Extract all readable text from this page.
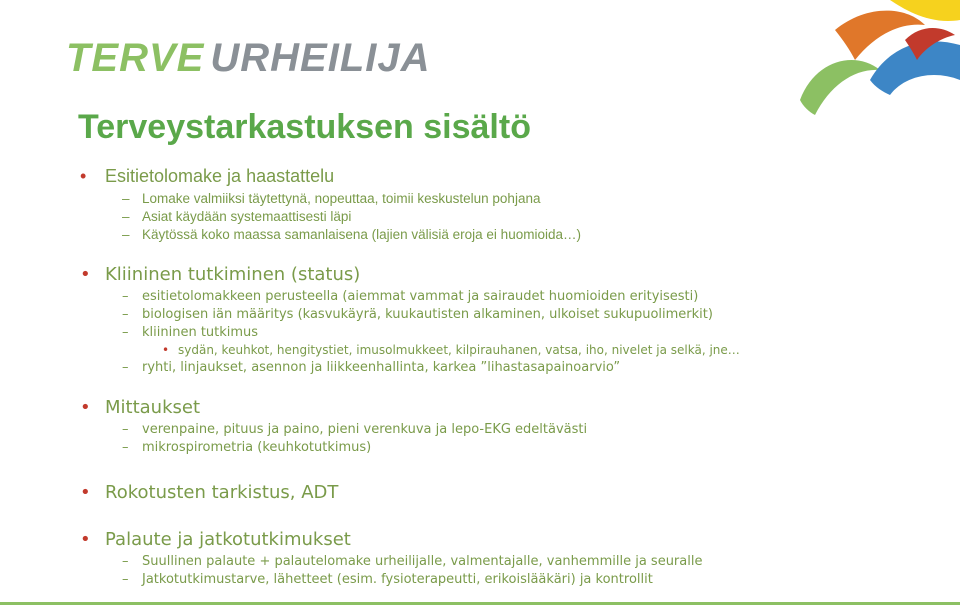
TERVE URHEILIJA
Terveystarkastuksen sisältö
• Esitietolomake ja haastattelu
– Lomake valmiiksi täytettynä, nopeuttaa, toimii keskustelun pohjana
– Asiat käydään systemaattisesti läpi
– Käytössä koko maassa samanlaisena (lajien välisiä eroja ei huomioida…)
• Kliininen tutkiminen (status)
– esitietolomakkeen perusteella (aiemmat vammat ja sairaudet huomioiden erityisesti)
– biologisen iän määritys (kasvukäyrä, kuukautisten alkaminen, ulkoiset sukupuolimerkit)
– kliininen tutkimus
• sydän, keuhkot, hengitystiet, imusolmukkeet, kilpirauhanen, vatsa, iho, nivelet ja selkä, jne…
– ryhti, linjaukset, asennon ja liikkeenhallinta, karkea ”lihastasapainoarvio”
• Mittaukset
– verenpaine, pituus ja paino, pieni verenkuva ja lepo-EKG edeltävästi
– mikrospirometria (keuhkotutkimus)
• Rokotusten tarkistus, ADT
• Palaute ja jatkotutkimukset
– Suullinen palaute + palautelomake urheilijalle, valmentajalle, vanhemmille ja seuralle
– Jatkotutkimustarve, lähetteet (esim. fysioterapeutti, erikoislääkäri) ja kontrollit
